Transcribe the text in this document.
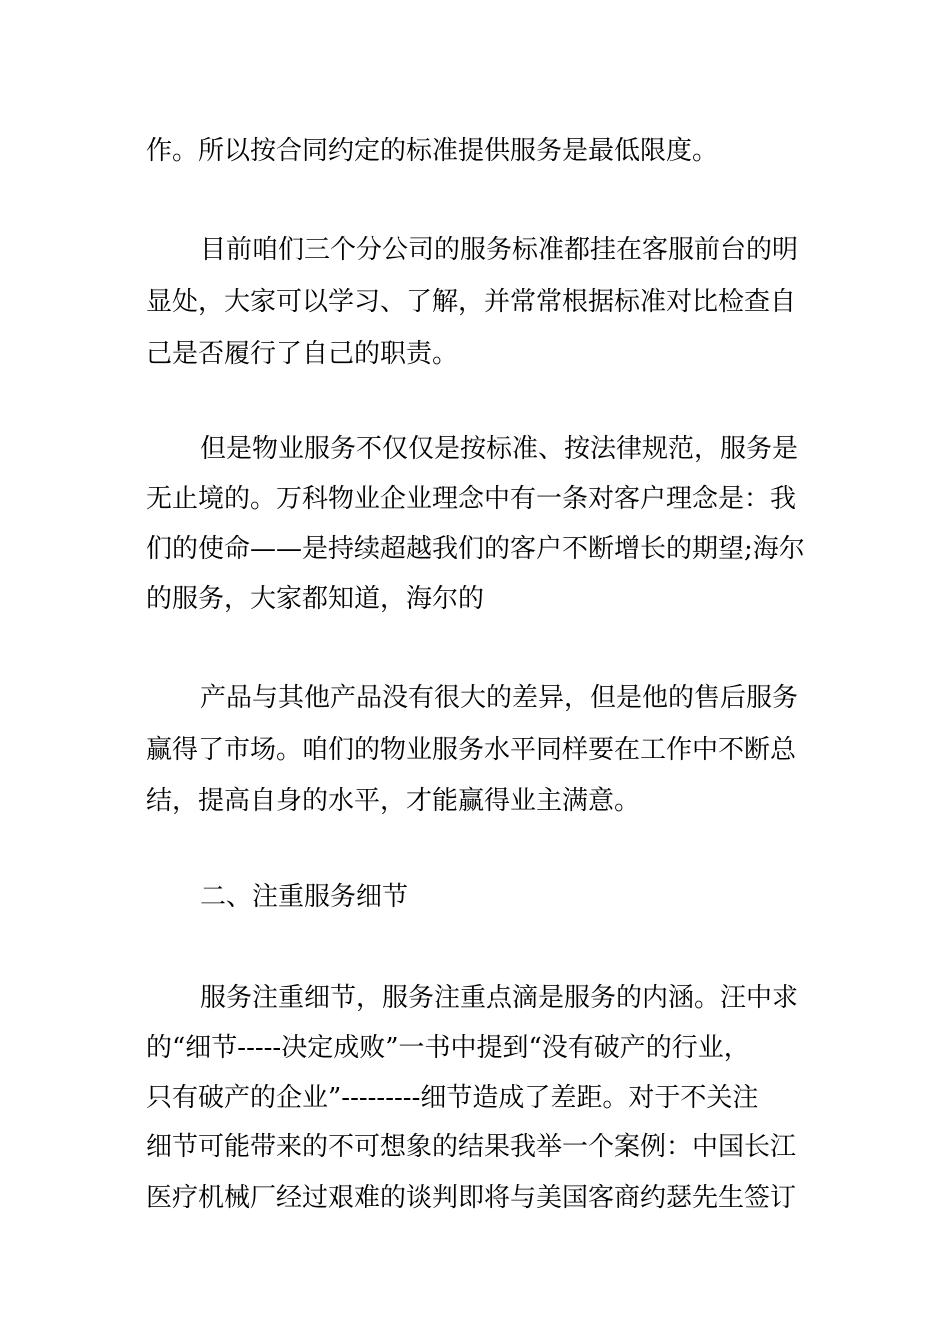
作。所以按合同约定的标准提供服务是最低限度。
目前咱们三个分公司的服务标准都挂在客服前台的明
显处，大家可以学习、了解，并常常根据标准对比检查自
己是否履行了自己的职责。
但是物业服务不仅仅是按标准、按法律规范，服务是
无止境的。万科物业企业理念中有一条对客户理念是：我
们的使命——是持续超越我们的客户不断增长的期望;海尔
的服务，大家都知道，海尔的
产品与其他产品没有很大的差异，但是他的售后服务
赢得了市场。咱们的物业服务水平同样要在工作中不断总
结，提高自身的水平，才能赢得业主满意。
二、注重服务细节
服务注重细节，服务注重点滴是服务的内涵。汪中求
的“细节-----决定成败”一书中提到“没有破产的行业，
只有破产的企业”---------细节造成了差距。对于不关注
细节可能带来的不可想象的结果我举一个案例：中国长江
医疗机械厂经过艰难的谈判即将与美国客商约瑟先生签订
